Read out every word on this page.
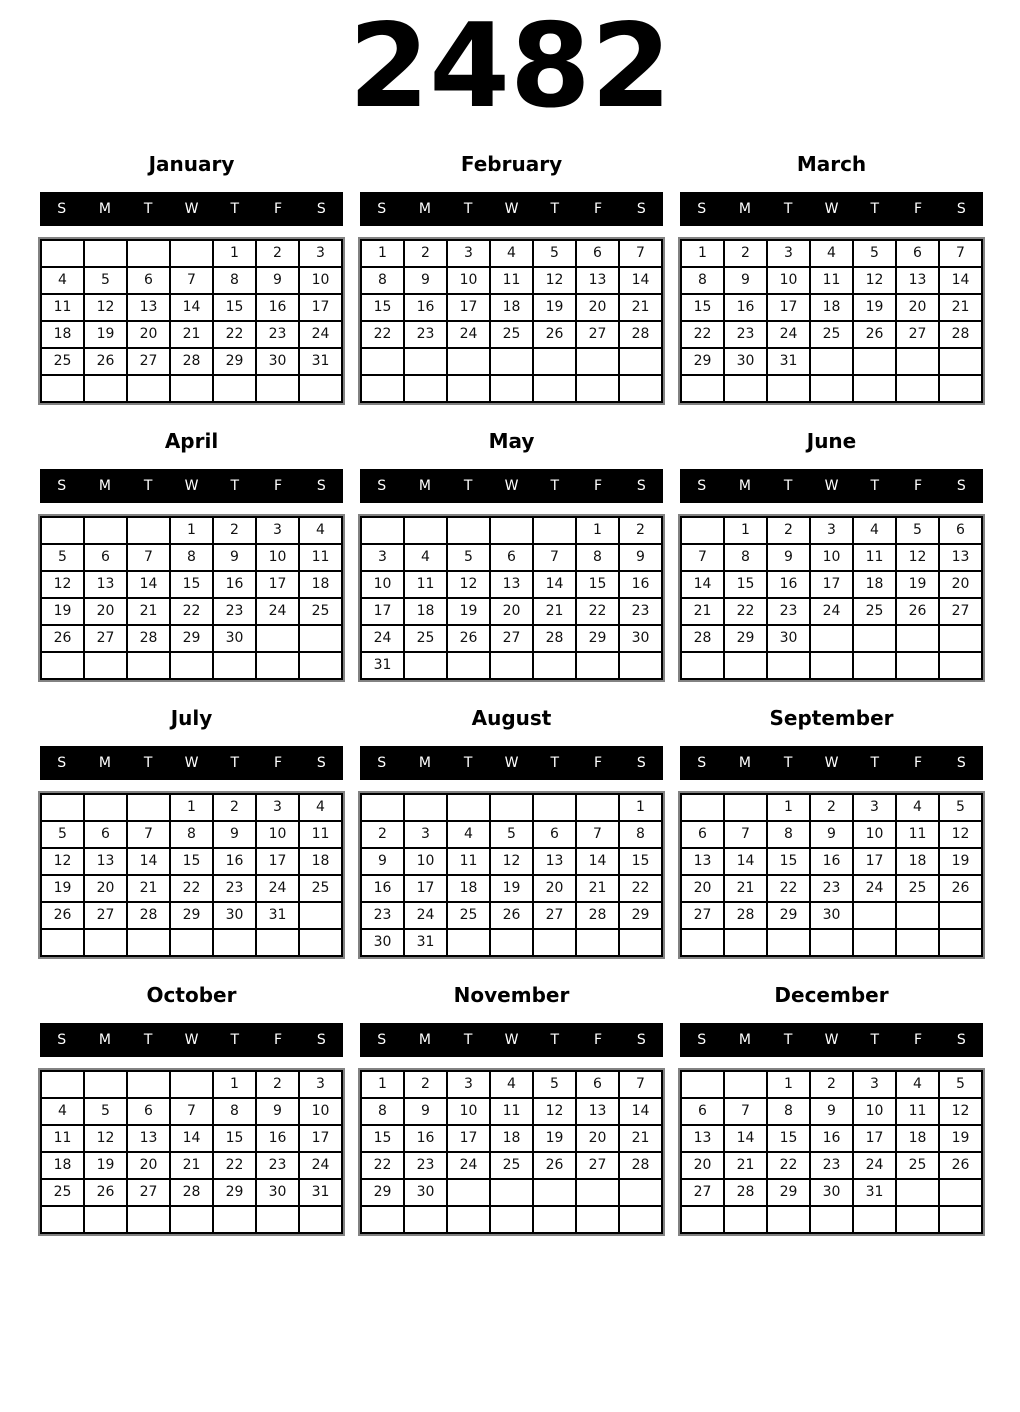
2482
January
S	M	T	W	T	F	S
				1	2	3
4	5	6	7	8	9	10
11	12	13	14	15	16	17
18	19	20	21	22	23	24
25	26	27	28	29	30	31

February
S	M	T	W	T	F	S
1	2	3	4	5	6	7
8	9	10	11	12	13	14
15	16	17	18	19	20	21
22	23	24	25	26	27	28

March
S	M	T	W	T	F	S
1	2	3	4	5	6	7
8	9	10	11	12	13	14
15	16	17	18	19	20	21
22	23	24	25	26	27	28
29	30	31				

April
S	M	T	W	T	F	S
			1	2	3	4
5	6	7	8	9	10	11
12	13	14	15	16	17	18
19	20	21	22	23	24	25
26	27	28	29	30		

May
S	M	T	W	T	F	S
					1	2
3	4	5	6	7	8	9
10	11	12	13	14	15	16
17	18	19	20	21	22	23
24	25	26	27	28	29	30
31						
June
S	M	T	W	T	F	S
	1	2	3	4	5	6
7	8	9	10	11	12	13
14	15	16	17	18	19	20
21	22	23	24	25	26	27
28	29	30				

July
S	M	T	W	T	F	S
			1	2	3	4
5	6	7	8	9	10	11
12	13	14	15	16	17	18
19	20	21	22	23	24	25
26	27	28	29	30	31	

August
S	M	T	W	T	F	S
						1
2	3	4	5	6	7	8
9	10	11	12	13	14	15
16	17	18	19	20	21	22
23	24	25	26	27	28	29
30	31					
September
S	M	T	W	T	F	S
		1	2	3	4	5
6	7	8	9	10	11	12
13	14	15	16	17	18	19
20	21	22	23	24	25	26
27	28	29	30			

October
S	M	T	W	T	F	S
				1	2	3
4	5	6	7	8	9	10
11	12	13	14	15	16	17
18	19	20	21	22	23	24
25	26	27	28	29	30	31

November
S	M	T	W	T	F	S
1	2	3	4	5	6	7
8	9	10	11	12	13	14
15	16	17	18	19	20	21
22	23	24	25	26	27	28
29	30					

December
S	M	T	W	T	F	S
		1	2	3	4	5
6	7	8	9	10	11	12
13	14	15	16	17	18	19
20	21	22	23	24	25	26
27	28	29	30	31		
